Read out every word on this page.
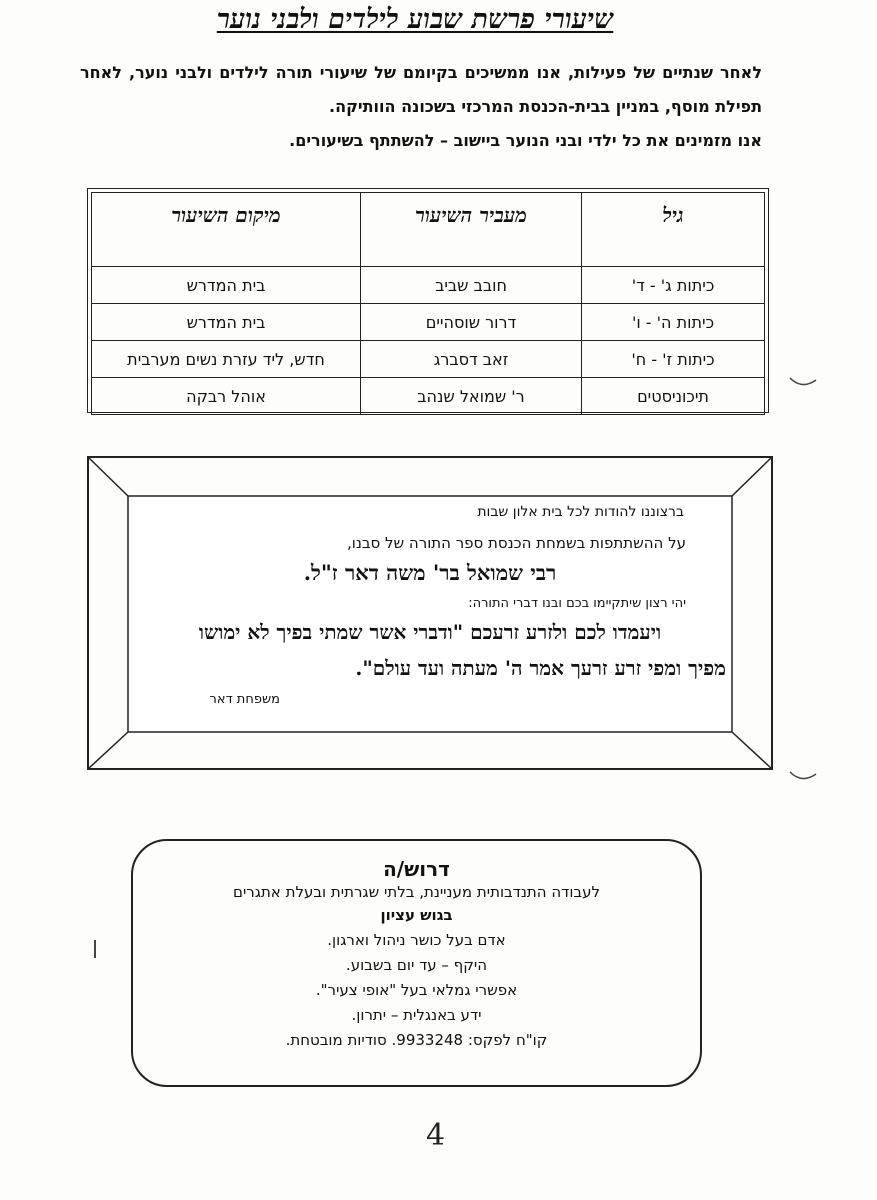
שיעורי פרשת שבוע לילדים ולבני נוער

לאחר שנתיים של פעילות, אנו ממשיכים בקיומם של שיעורי תורה לילדים ולבני נוער, לאחר תפילת מוסף, במניין בבית-הכנסת המרכזי בשכונה הוותיקה.

אנו מזמינים את כל ילדי ובני הנוער ביישוב – להשתתף בשיעורים.

גיל	מעביר השיעור	מיקום השיעור
כיתות ג' - ד'	חובב שביב	בית המדרש
כיתות ה' - ו'	דרור שוסהיים	בית המדרש
כיתות ז' - ח'	זאב דסברג	חדש, ליד עזרת נשים מערבית
תיכוניסטים	ר' שמואל שנהב	אוהל רבקה
ברצוננו להודות לכל בית אלון שבות
על ההשתתפות בשמחת הכנסת ספר התורה של סבנו,
רבי שמואל בר' משה דאר ז"ל.
יהי רצון שיתקיימו בכם ובנו דברי התורה:
ויעמדו לכם ולזרע זרעכם "ודברי אשר שמתי בפיך לא ימושו
מפיך ומפי זרע זרעך אמר ה' מעתה ועד עולם".
משפחת דאר
דרוש/ה
לעבודה התנדבותית מעניינת, בלתי שגרתית ובעלת אתגרים
בגוש עציון
אדם בעל כושר ניהול וארגון.
היקף – עד יום בשבוע.
אפשרי גמלאי בעל "אופי צעיר".
ידע באנגלית – יתרון.
קו"ח לפקס: 9933248. סודיות מובטחת.
4
